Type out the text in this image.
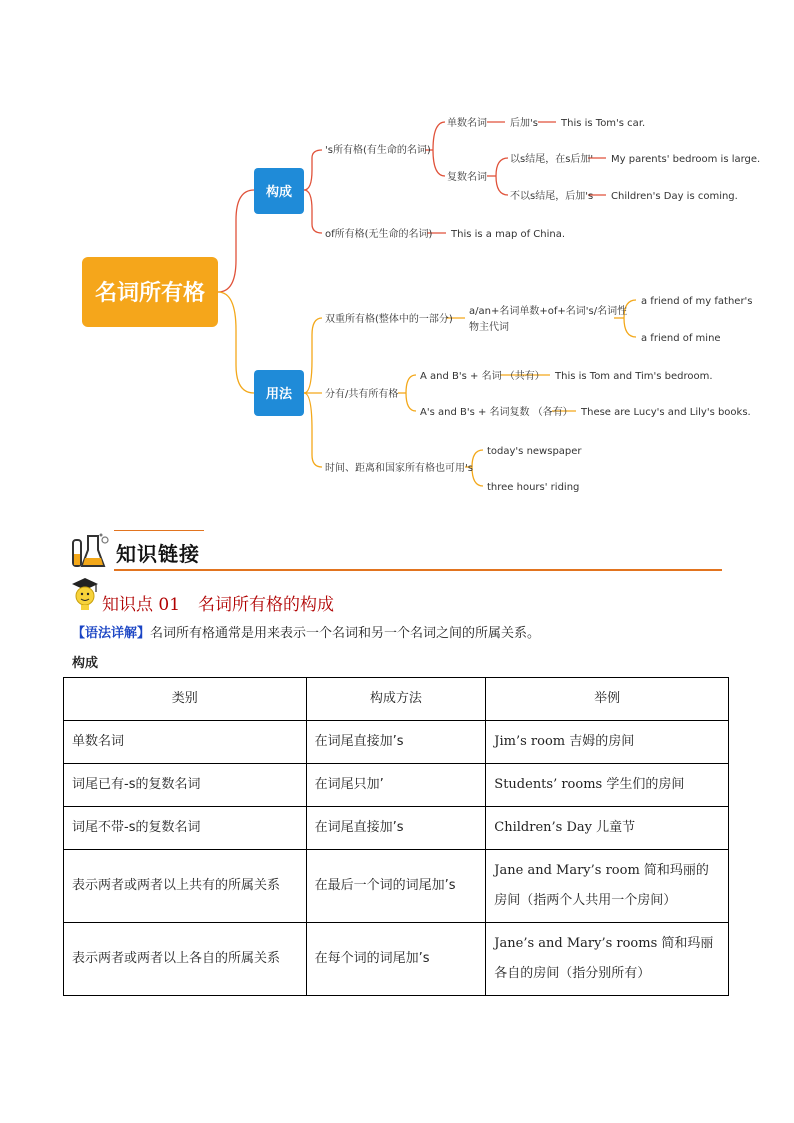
名词所有格
构成
用法
's所有格(有生命的名词)
单数名词 后加's This is Tom's car.
复数名词
以s结尾，在s后加' My parents' bedroom is large.
不以s结尾，后加's Children's Day is coming.
of所有格(无生命的名词) This is a map of China.
双重所有格(整体中的一部分)
a/an+名词单数+of+名词's/名词性
物主代词
a friend of my father's
a friend of mine
分有/共有所有格
A and B's + 名词 （共有） This is Tom and Tim's bedroom.
A's and B's + 名词复数 （各有） These are Lucy's and Lily's books.
时间、距离和国家所有格也可用's
today's newspaper
three hours' riding
知识链接
知识点 01 名词所有格的构成
【语法详解】名词所有格通常是用来表示一个名词和另一个名词之间的所属关系。
构成
类别	构成方法	举例
单数名词	在词尾直接加’s	Jim’s room 吉姆的房间
词尾已有-s的复数名词	在词尾只加’	Students’ rooms 学生们的房间
词尾不带-s的复数名词	在词尾直接加’s	Children’s Day 儿童节
表示两者或两者以上共有的所属关系	在最后一个词的词尾加’s	Jane and Mary’s room 简和玛丽的房间（指两个人共用一个房间）
表示两者或两者以上各自的所属关系	在每个词的词尾加’s	Jane’s and Mary’s rooms 简和玛丽各自的房间（指分别所有）
